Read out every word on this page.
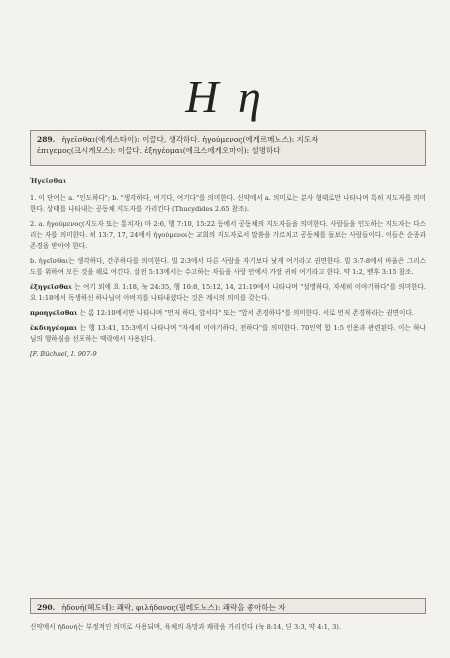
Η η
289. ἡγεῖσθαι(에게스타이): 이끌다, 생각하다. ἡγούμενος(에게르메노스): 지도자
ἐπιγεμος(크시게모스): 이끌다. ἐξηγέομαι(에크스에게오마이): 설명하다

Ἡγεῖσθαι

1. 이 단어는 a. "인도하다"; b. "생각하다, 여기다, 여기다"를 의미한다. 신약에서 a. 의미로는 분사 형태로만 나타나며 특히 지도자를 의미한다. 상태를 나타내는 공동체 지도자를 가리킨다 (Thucydides 2.65 참조).

2. a. ἡγούμενος(지도자 또는 통치자) 마 2:6, 행 7:10, 15:22 등에서 공동체의 지도자들을 의미한다. 사람들을 인도하는 지도자는 다스리는 자를 의미한다. 히 13:7, 17, 24에서 ἡγούμενοι는 교회의 지도자로서 말씀을 가르치고 공동체를 돌보는 사람들이다. 이들은 순종과 존경을 받아야 한다.

b. ἡγεῖσθαι는 생각하다, 간주하다를 의미한다. 빌 2:3에서 다른 사람을 자기보다 낫게 여기라고 권면한다. 빌 3:7-8에서 바울은 그리스도를 위하여 모든 것을 해로 여긴다. 살전 5:13에서는 수고하는 자들을 사랑 안에서 가장 귀히 여기라고 한다. 약 1:2, 벧후 3:15 참조.

ἐξηγεῖσθαι 는 여기 외에 요 1:18, 눅 24:35, 행 10:8, 15:12, 14, 21:19에서 나타나며 "설명하다, 자세히 이야기하다"를 의미한다. 요 1:18에서 독생하신 하나님이 아버지를 나타내셨다는 것은 계시의 의미를 갖는다.

προηγεῖσθαι 는 롬 12:10에서만 나타나며 "먼저 하다, 앞서다" 또는 "앞서 존경하다"를 의미한다. 서로 먼저 존경하라는 권면이다.

ἐκδιηγέομαι 는 행 13:41, 15:3에서 나타나며 "자세히 이야기하다, 전하다"를 의미한다. 70인역 합 1:5 인용과 관련된다. 이는 하나님의 행하심을 선포하는 맥락에서 사용된다.

[F. Büchsel, I. 907-9

290. ἡδονή(헤도네): 쾌락, φιλήδονος(필레도노스): 쾌락을 좋아하는 자

신약에서 ἡδονή는 부정적인 의미로 사용되며, 육체의 욕망과 쾌락을 가리킨다 (눅 8:14, 딛 3:3, 약 4:1, 3).
